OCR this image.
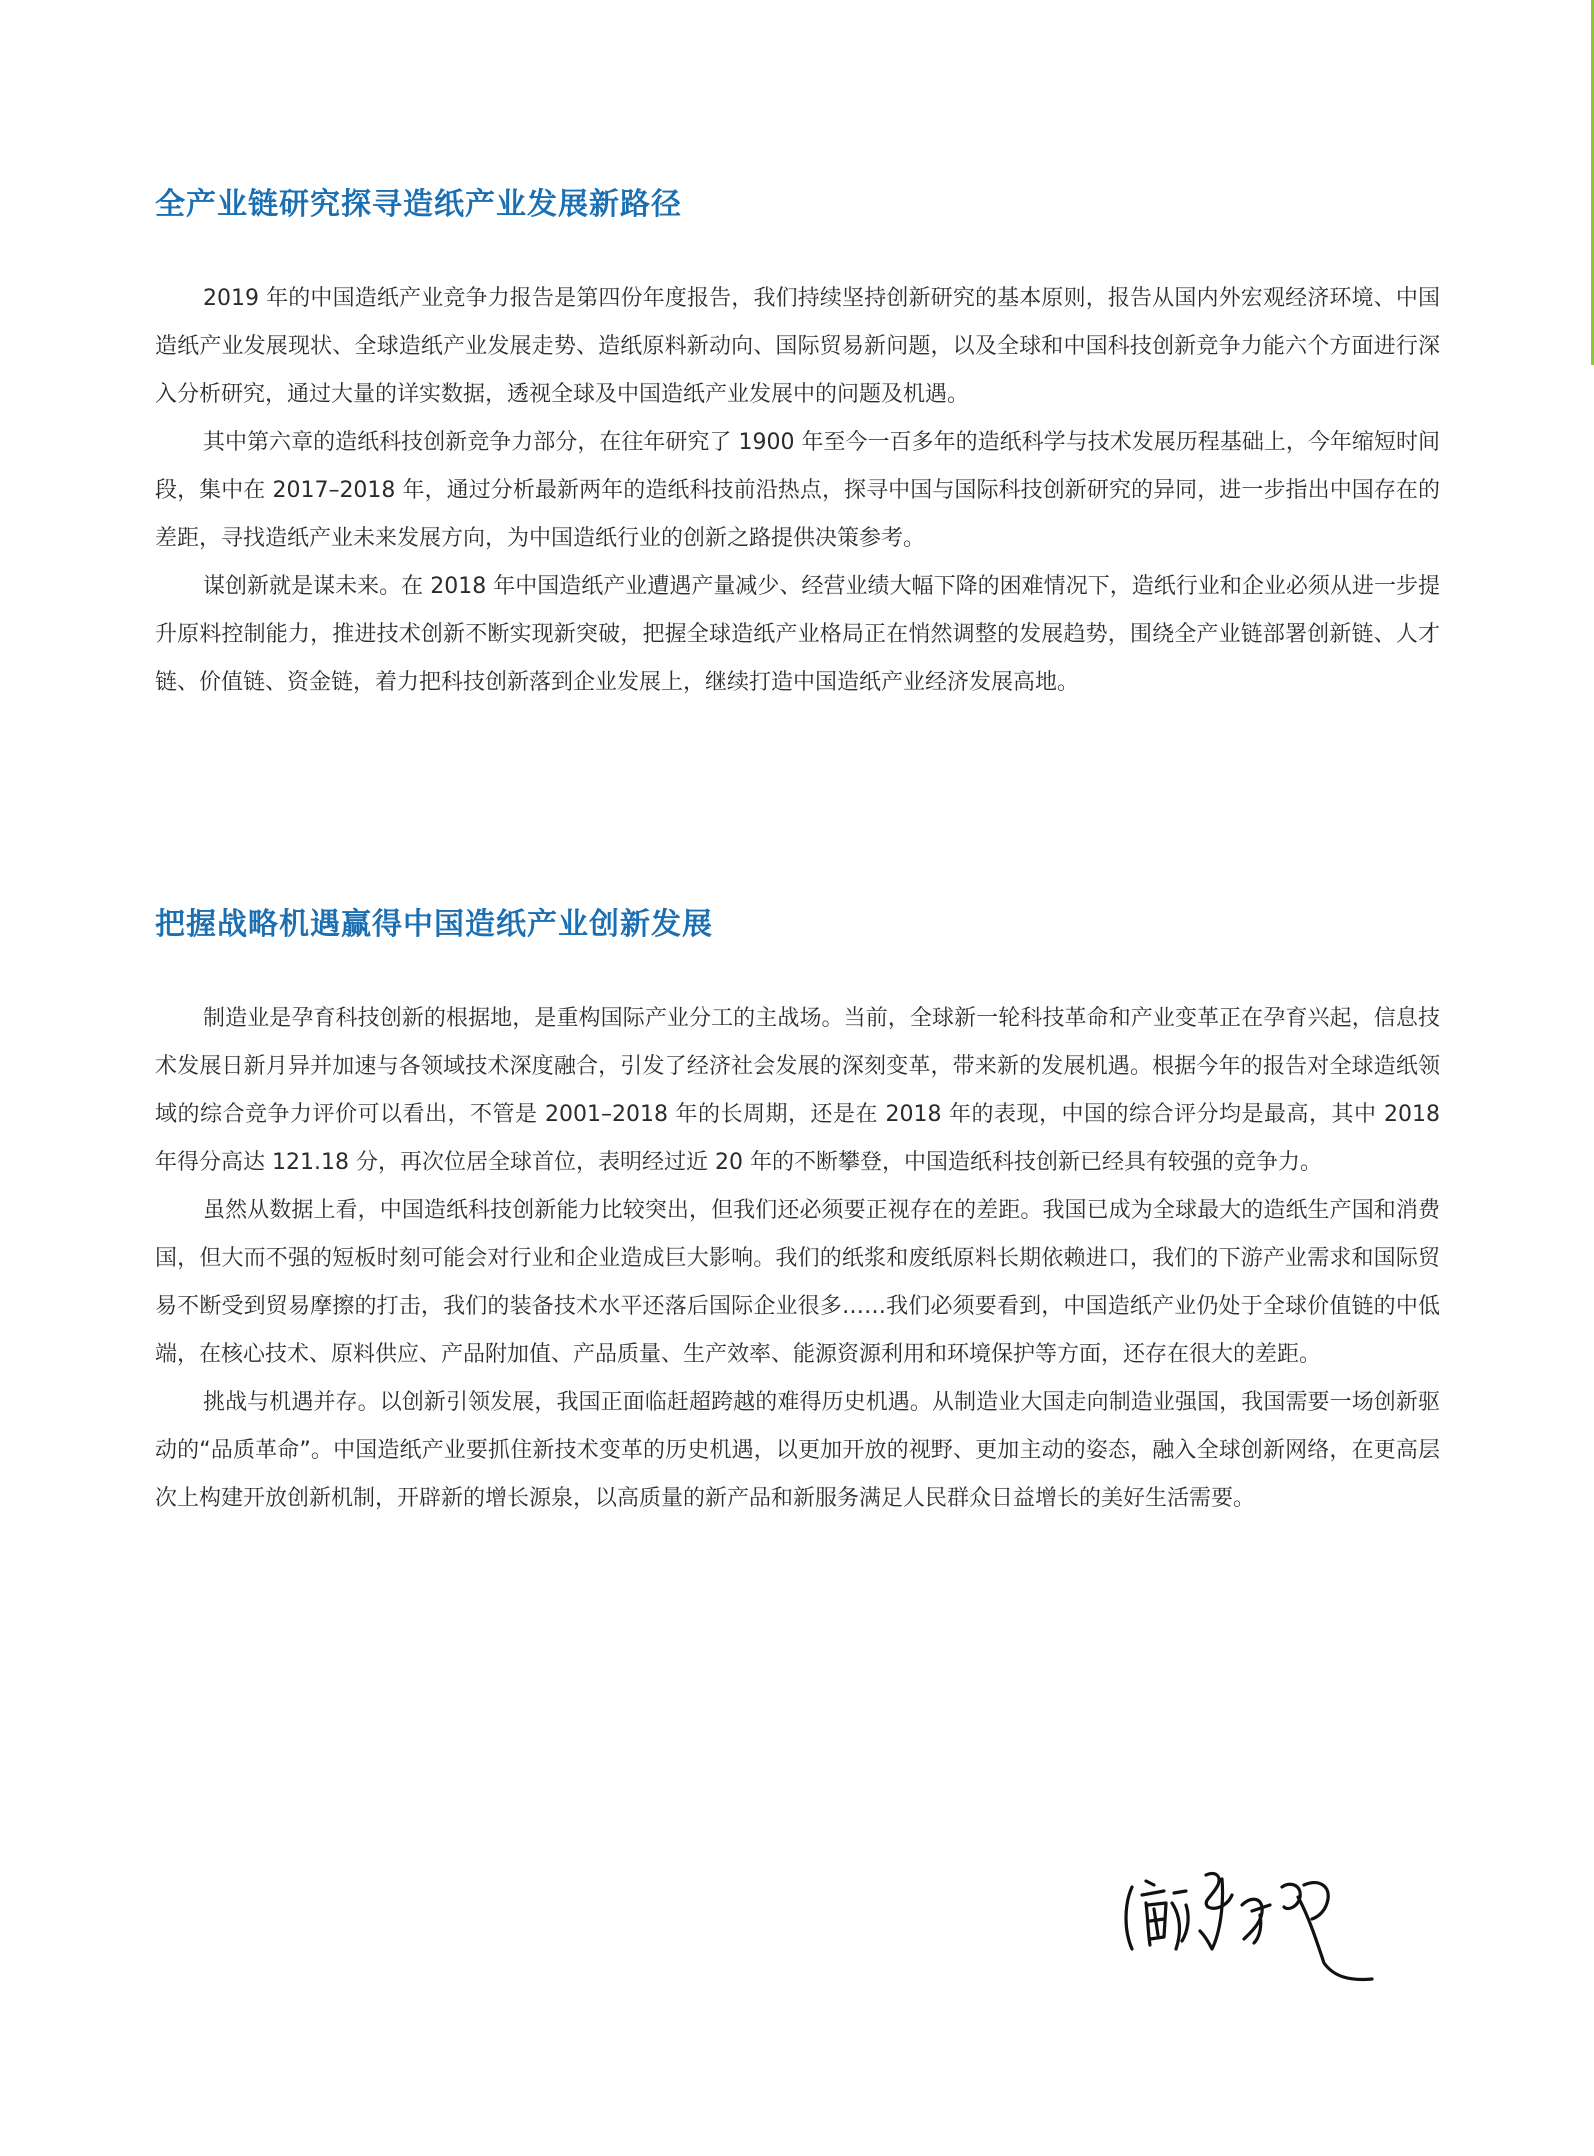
全产业链研究探寻造纸产业发展新路径

2019 年的中国造纸产业竞争力报告是第四份年度报告，我们持续坚持创新研究的基本原则，报告从国内外宏观经济环境、中国造纸产业发展现状、全球造纸产业发展走势、造纸原料新动向、国际贸易新问题，以及全球和中国科技创新竞争力能六个方面进行深入分析研究，通过大量的详实数据，透视全球及中国造纸产业发展中的问题及机遇。

其中第六章的造纸科技创新竞争力部分，在往年研究了 1900 年至今一百多年的造纸科学与技术发展历程基础上，今年缩短时间段，集中在 2017–2018 年，通过分析最新两年的造纸科技前沿热点，探寻中国与国际科技创新研究的异同，进一步指出中国存在的差距，寻找造纸产业未来发展方向，为中国造纸行业的创新之路提供决策参考。

谋创新就是谋未来。在 2018 年中国造纸产业遭遇产量减少、经营业绩大幅下降的困难情况下，造纸行业和企业必须从进一步提升原料控制能力，推进技术创新不断实现新突破，把握全球造纸产业格局正在悄然调整的发展趋势，围绕全产业链部署创新链、人才链、价值链、资金链，着力把科技创新落到企业发展上，继续打造中国造纸产业经济发展高地。

把握战略机遇赢得中国造纸产业创新发展

制造业是孕育科技创新的根据地，是重构国际产业分工的主战场。当前，全球新一轮科技革命和产业变革正在孕育兴起，信息技术发展日新月异并加速与各领域技术深度融合，引发了经济社会发展的深刻变革，带来新的发展机遇。根据今年的报告对全球造纸领域的综合竞争力评价可以看出，不管是 2001–2018 年的长周期，还是在 2018 年的表现，中国的综合评分均是最高，其中 2018 年得分高达 121.18 分，再次位居全球首位，表明经过近 20 年的不断攀登，中国造纸科技创新已经具有较强的竞争力。

虽然从数据上看，中国造纸科技创新能力比较突出，但我们还必须要正视存在的差距。我国已成为全球最大的造纸生产国和消费国，但大而不强的短板时刻可能会对行业和企业造成巨大影响。我们的纸浆和废纸原料长期依赖进口，我们的下游产业需求和国际贸易不断受到贸易摩擦的打击，我们的装备技术水平还落后国际企业很多……我们必须要看到，中国造纸产业仍处于全球价值链的中低端，在核心技术、原料供应、产品附加值、产品质量、生产效率、能源资源利用和环境保护等方面，还存在很大的差距。

挑战与机遇并存。以创新引领发展，我国正面临赶超跨越的难得历史机遇。从制造业大国走向制造业强国，我国需要一场创新驱动的“品质革命”。中国造纸产业要抓住新技术变革的历史机遇，以更加开放的视野、更加主动的姿态，融入全球创新网络，在更高层次上构建开放创新机制，开辟新的增长源泉，以高质量的新产品和新服务满足人民群众日益增长的美好生活需要。
